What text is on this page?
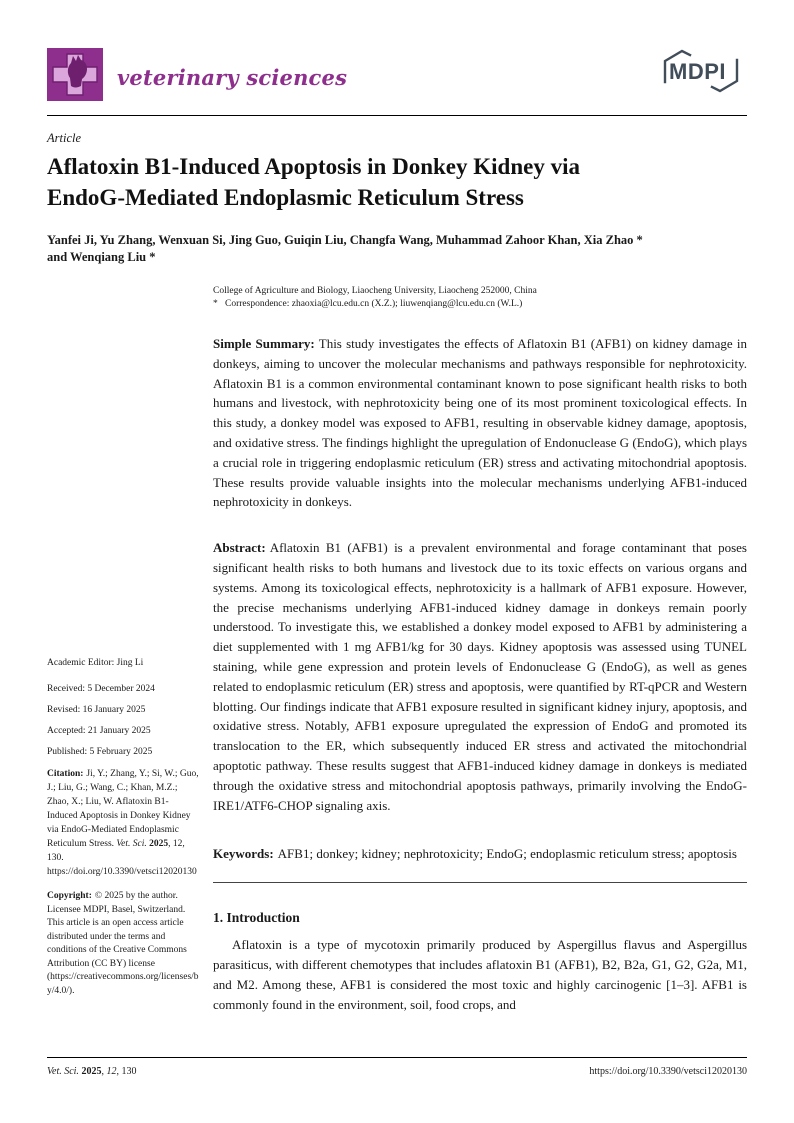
veterinary sciences	MDPI
Article
Aflatoxin B1-Induced Apoptosis in Donkey Kidney via
EndoG-Mediated Endoplasmic Reticulum Stress
Yanfei Ji, Yu Zhang, Wenxuan Si, Jing Guo, Guiqin Liu, Changfa Wang, Muhammad Zahoor Khan, Xia Zhao *
and Wenqiang Liu *
Academic Editor: Jing Li
Received: 5 December 2024
Revised: 16 January 2025
Accepted: 21 January 2025
Published: 5 February 2025
Citation: Ji, Y.; Zhang, Y.; Si, W.; Guo, J.; Liu, G.; Wang, C.; Khan, M.Z.; Zhao, X.; Liu, W. Aflatoxin B1-Induced Apoptosis in Donkey Kidney via EndoG-Mediated Endoplasmic Reticulum Stress. Vet. Sci. 2025, 12, 130. https://doi.org/10.3390/vetsci12020130
Copyright: © 2025 by the author. Licensee MDPI, Basel, Switzerland. This article is an open access article distributed under the terms and conditions of the Creative Commons Attribution (CC BY) license (https://creativecommons.org/licenses/by/4.0/).
College of Agriculture and Biology, Liaocheng University, Liaocheng 252000, China
* Correspondence: zhaoxia@lcu.edu.cn (X.Z.); liuwenqiang@lcu.edu.cn (W.L.)

Simple Summary: This study investigates the effects of Aflatoxin B1 (AFB1) on kidney damage in donkeys, aiming to uncover the molecular mechanisms and pathways responsible for nephrotoxicity. Aflatoxin B1 is a common environmental contaminant known to pose significant health risks to both humans and livestock, with nephrotoxicity being one of its most prominent toxicological effects. In this study, a donkey model was exposed to AFB1, resulting in observable kidney damage, apoptosis, and oxidative stress. The findings highlight the upregulation of Endonuclease G (EndoG), which plays a crucial role in triggering endoplasmic reticulum (ER) stress and activating mitochondrial apoptosis. These results provide valuable insights into the molecular mechanisms underlying AFB1-induced nephrotoxicity in donkeys.

Abstract: Aflatoxin B1 (AFB1) is a prevalent environmental and forage contaminant that poses significant health risks to both humans and livestock due to its toxic effects on various organs and systems. Among its toxicological effects, nephrotoxicity is a hallmark of AFB1 exposure. However, the precise mechanisms underlying AFB1-induced kidney damage in donkeys remain poorly understood. To investigate this, we established a donkey model exposed to AFB1 by administering a diet supplemented with 1 mg AFB1/kg for 30 days. Kidney apoptosis was assessed using TUNEL staining, while gene expression and protein levels of Endonuclease G (EndoG), as well as genes related to endoplasmic reticulum (ER) stress and apoptosis, were quantified by RT-qPCR and Western blotting. Our findings indicate that AFB1 exposure resulted in significant kidney injury, apoptosis, and oxidative stress. Notably, AFB1 exposure upregulated the expression of EndoG and promoted its translocation to the ER, which subsequently induced ER stress and activated the mitochondrial apoptotic pathway. These results suggest that AFB1-induced kidney damage in donkeys is mediated through the oxidative stress and mitochondrial apoptosis pathways, primarily involving the EndoG-IRE1/ATF6-CHOP signaling axis.

Keywords: AFB1; donkey; kidney; nephrotoxicity; EndoG; endoplasmic reticulum stress; apoptosis

1. Introduction

Aflatoxin is a type of mycotoxin primarily produced by Aspergillus flavus and Aspergillus parasiticus, with different chemotypes that includes aflatoxin B1 (AFB1), B2, B2a, G1, G2, G2a, M1, and M2. Among these, AFB1 is considered the most toxic and highly carcinogenic [1–3]. AFB1 is commonly found in the environment, soil, food crops, and

Vet. Sci. 2025, 12, 130	https://doi.org/10.3390/vetsci12020130
